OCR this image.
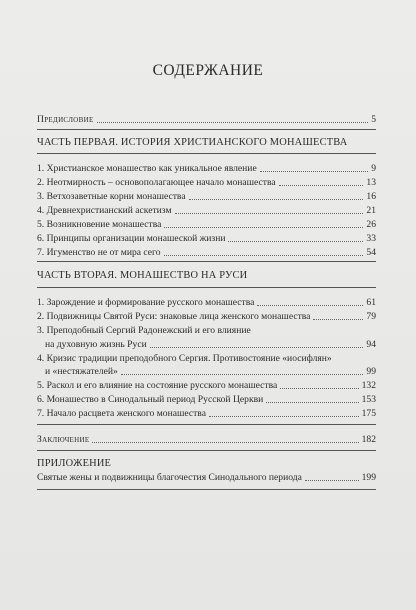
СОДЕРЖАНИЕ
Предисловие	5
ЧАСТЬ ПЕРВАЯ. ИСТОРИЯ ХРИСТИАНСКОГО МОНАШЕСТВА
1. Христианское монашество как уникальное явление	9
2. Неотмирность – основополагающее начало монашества	13
3. Ветхозаветные корни монашества	16
4. Древнехристианский аскетизм	21
5. Возникновение монашества	26
6. Принципы организации монашеской жизни	33
7. Игуменство не от мира сего	54
ЧАСТЬ ВТОРАЯ. МОНАШЕСТВО НА РУСИ
1. Зарождение и формирование русского монашества	61
2. Подвижницы Святой Руси: знаковые лица женского монашества	79
3. Преподобный Сергий Радонежский и его влияние
на духовную жизнь Руси	94
4. Кризис традиции преподобного Сергия. Противостояние «иосифлян»
и «нестяжателей»	99
5. Раскол и его влияние на состояние русского монашества	132
6. Монашество в Синодальный период Русской Церкви	153
7. Начало расцвета женского монашества	175
Заключение	182
ПРИЛОЖЕНИЕ
Святые жены и подвижницы благочестия Синодального периода	199
